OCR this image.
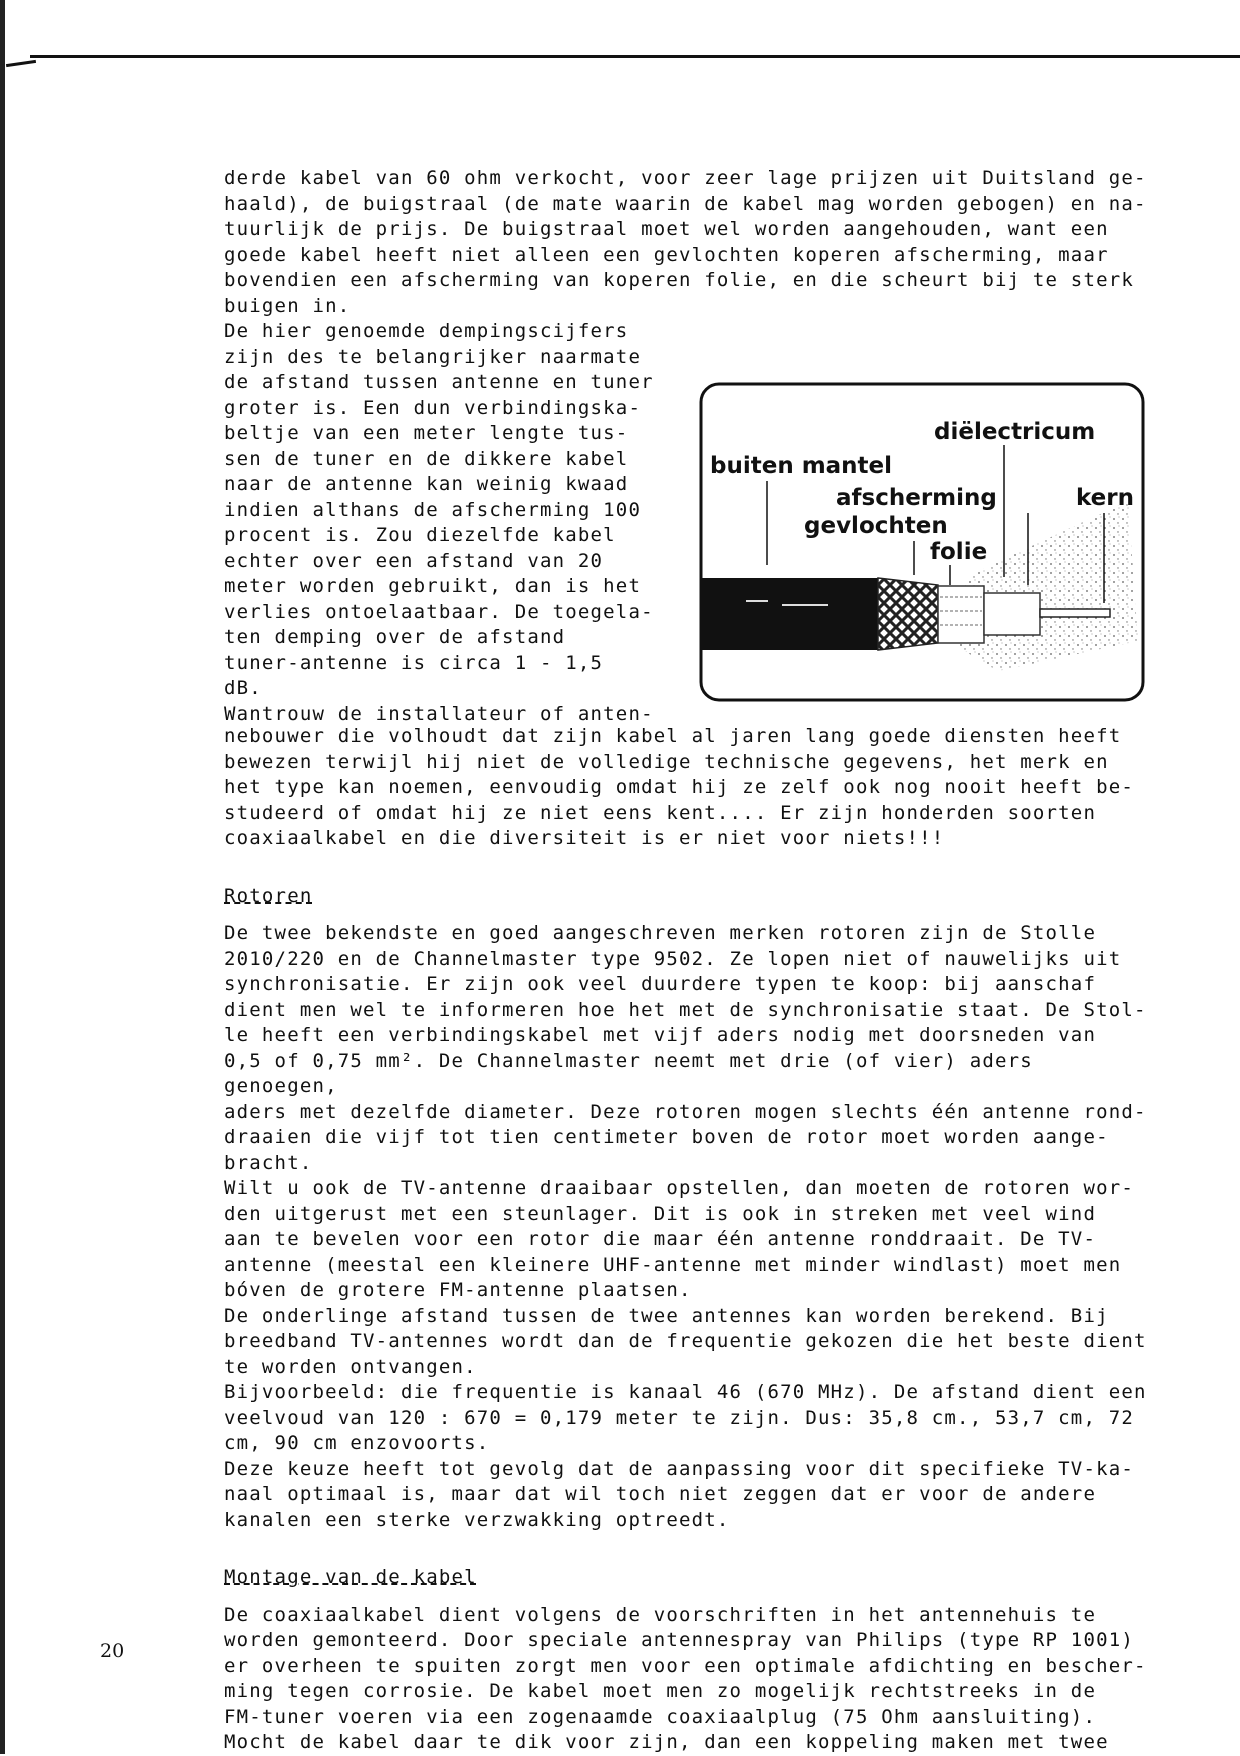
derde kabel van 60 ohm verkocht, voor zeer lage prijzen uit Duitsland ge-
haald), de buigstraal (de mate waarin de kabel mag worden gebogen) en na-
tuurlijk de prijs. De buigstraal moet wel worden aangehouden, want een
goede kabel heeft niet alleen een gevlochten koperen afscherming, maar
bovendien een afscherming van koperen folie, en die scheurt bij te sterk
buigen in.

De hier genoemde dempingscijfers
zijn des te belangrijker naarmate
de afstand tussen antenne en tuner
groter is. Een dun verbindingska-
beltje van een meter lengte tus-
sen de tuner en de dikkere kabel
naar de antenne kan weinig kwaad
indien althans de afscherming 100
procent is. Zou diezelfde kabel
echter over een afstand van 20
meter worden gebruikt, dan is het
verlies ontoelaatbaar. De toegela-
ten demping over de afstand
tuner-antenne is circa 1 - 1,5
dB.
Wantrouw de installateur of anten-

diëlectricum
buiten mantel
afscherming	kern
gevlochten
folie

nebouwer die volhoudt dat zijn kabel al jaren lang goede diensten heeft
bewezen terwijl hij niet de volledige technische gegevens, het merk en
het type kan noemen, eenvoudig omdat hij ze zelf ook nog nooit heeft be-
studeerd of omdat hij ze niet eens kent.... Er zijn honderden soorten
coaxiaalkabel en die diversiteit is er niet voor niets!!!

Rotoren

De twee bekendste en goed aangeschreven merken rotoren zijn de Stolle
2010/220 en de Channelmaster type 9502. Ze lopen niet of nauwelijks uit
synchronisatie. Er zijn ook veel duurdere typen te koop: bij aanschaf
dient men wel te informeren hoe het met de synchronisatie staat. De Stol-
le heeft een verbindingskabel met vijf aders nodig met doorsneden van
0,5 of 0,75 mm². De Channelmaster neemt met drie (of vier) aders genoegen,
aders met dezelfde diameter. Deze rotoren mogen slechts één antenne rond-
draaien die vijf tot tien centimeter boven de rotor moet worden aange-
bracht.

Wilt u ook de TV-antenne draaibaar opstellen, dan moeten de rotoren wor-
den uitgerust met een steunlager. Dit is ook in streken met veel wind
aan te bevelen voor een rotor die maar één antenne ronddraait. De TV-
antenne (meestal een kleinere UHF-antenne met minder windlast) moet men
bóven de grotere FM-antenne plaatsen.

De onderlinge afstand tussen de twee antennes kan worden berekend. Bij
breedband TV-antennes wordt dan de frequentie gekozen die het beste dient
te worden ontvangen.

Bijvoorbeeld: die frequentie is kanaal 46 (670 MHz). De afstand dient een
veelvoud van 120 : 670 = 0,179 meter te zijn. Dus: 35,8 cm., 53,7 cm, 72
cm, 90 cm enzovoorts.

Deze keuze heeft tot gevolg dat de aanpassing voor dit specifieke TV-ka-
naal optimaal is, maar dat wil toch niet zeggen dat er voor de andere
kanalen een sterke verzwakking optreedt.

Montage van de kabel

De coaxiaalkabel dient volgens de voorschriften in het antennehuis te
worden gemonteerd. Door speciale antennespray van Philips (type RP 1001)
er overheen te spuiten zorgt men voor een optimale afdichting en bescher-
ming tegen corrosie. De kabel moet men zo mogelijk rechtstreeks in de
FM-tuner voeren via een zogenaamde coaxiaalplug (75 Ohm aansluiting).
Mocht de kabel daar te dik voor zijn, dan een koppeling maken met twee

20
